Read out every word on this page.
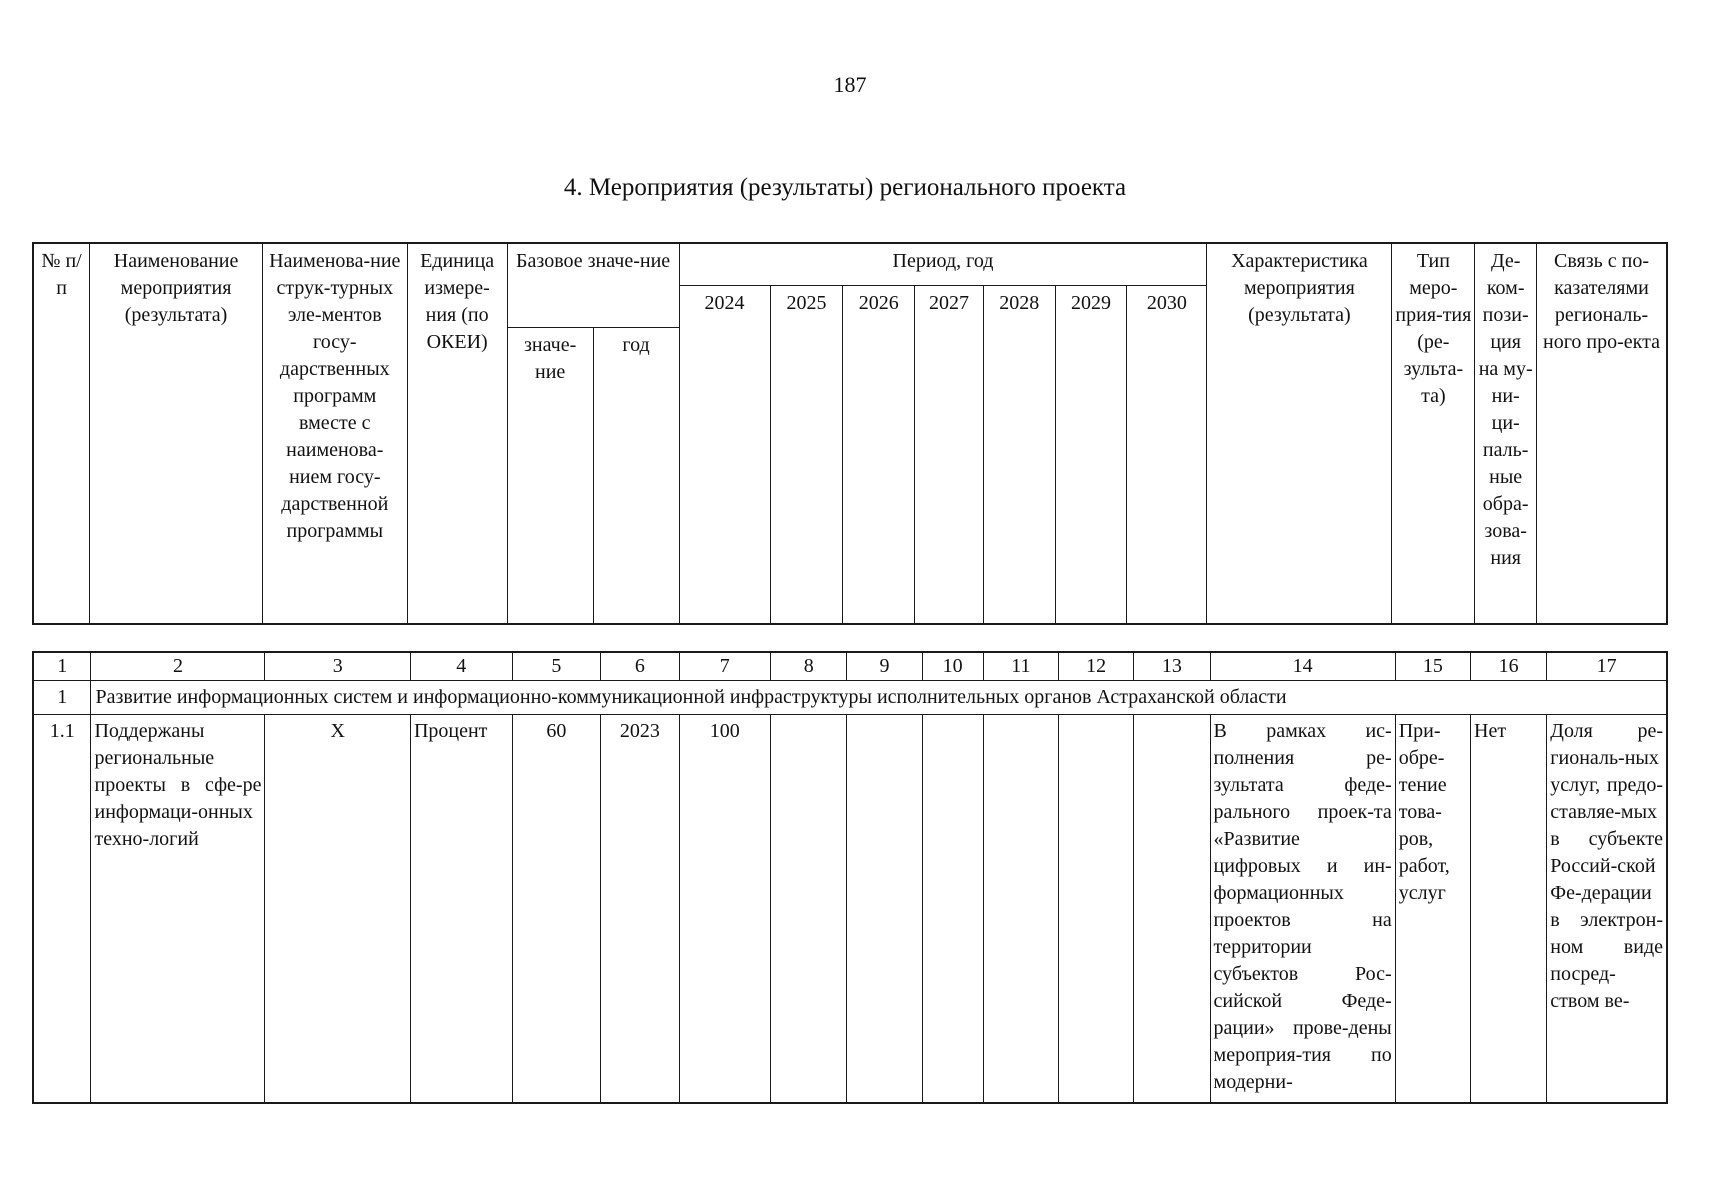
187
4. Мероприятия (результаты) регионального проекта
№ п/п	Наименование мероприятия (результата)	Наименова-ние струк-турных эле-ментов госу-дарственных программ вместе с наименова-нием госу-дарственной программы	Единица измере-ния (по ОКЕИ)	Базовое значе-ние		Период, год							Характеристика мероприятия (результата)	Тип меро-прия-тия (ре-зульта-та)	Де-ком-пози-ция на му-ни-ци-паль-ные обра-зова-ния	Связь с по-казателями региональ-ного про-екта
						2024	2025	2026	2027	2028	2029	2030				
				значе-ние	год											
1	2	3	4	5	6	7	8	9	10	11	12	13	14	15	16	17
1	Развитие информационных систем и информационно-коммуникационной инфраструктуры исполнительных органов Астраханской области															
1.1	Поддержаны региональные проекты в сфе-ре информаци-онных техно-логий	Х	Процент	60	2023	100							В рамках ис-полнения ре-зультата феде-рального проек-та «Развитие цифровых и ин-формационных проектов на территории субъектов Рос-сийской Феде-рации» прове-дены мероприя-тия по модерни-	При-обре-тение това-ров, работ, услуг	Нет	Доля ре-гиональ-ных услуг, предо-ставляе-мых в субъекте Россий-ской Фе-дерации в электрон-ном виде посред-ством ве-
